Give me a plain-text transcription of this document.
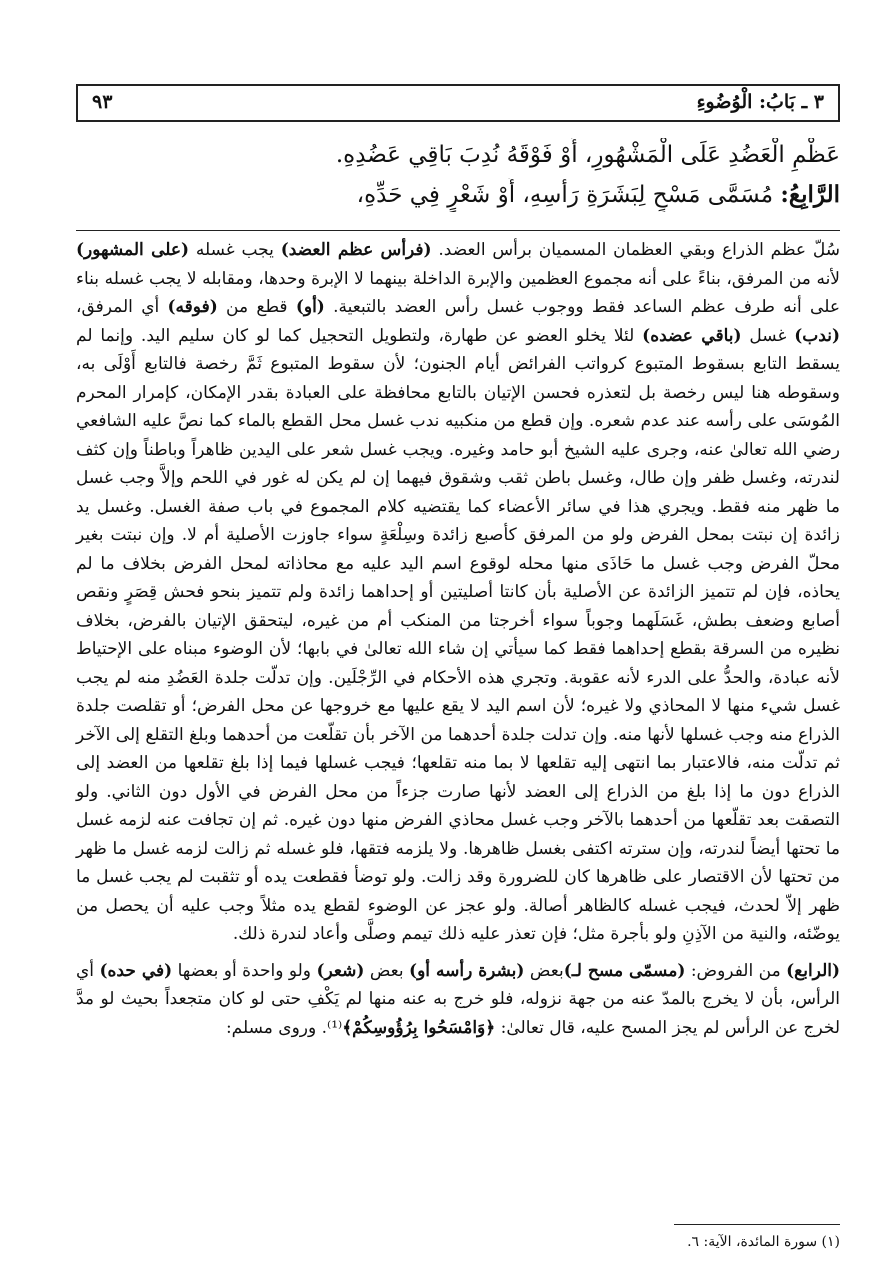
٣ ـ بَابُ: الْوُضُوءِ
٩٣
عَظْمِ الْعَضُدِ عَلَى الْمَشْهُورِ، أَوْ فَوْقَهُ نُدِبَ بَاقِي عَضُدِهِ.
الرَّابِعُ: مُسَمَّى مَسْحٍ لِبَشَرَةِ رَأْسِهِ، أَوْ شَعْرٍ فِي حَدِّهِ،

سُلّ عظم الذراع وبقي العظمان المسميان برأس العضد. (فرأس عظم العضد) يجب غسله (على المشهور) لأنه من المرفق، بناءً على أنه مجموع العظمين والإبرة الداخلة بينهما لا الإبرة وحدها، ومقابله لا يجب غسله بناء على أنه طرف عظم الساعد فقط ووجوب غسل رأس العضد بالتبعية. (أو) قطع من (فوقه) أي المرفق، (ندب) غسل (باقي عضده) لئلا يخلو العضو عن طهارة، ولتطويل التحجيل كما لو كان سليم اليد. وإنما لم يسقط التابع بسقوط المتبوع كرواتب الفرائض أيام الجنون؛ لأن سقوط المتبوع ثَمَّ رخصة فالتابع أَوْلَى به، وسقوطه هنا ليس رخصة بل لتعذره فحسن الإتيان بالتابع محافظة على العبادة بقدر الإمكان، كإمرار المحرم المُوسَى على رأسه عند عدم شعره. وإن قطع من منكبيه ندب غسل محل القطع بالماء كما نصَّ عليه الشافعي رضي الله تعالىٰ عنه، وجرى عليه الشيخ أبو حامد وغيره. ويجب غسل شعر على اليدين ظاهراً وباطناً وإن كثف لندرته، وغسل ظفر وإن طال، وغسل باطن ثقب وشقوق فيهما إن لم يكن له غور في اللحم وإلاَّ وجب غسل ما ظهر منه فقط. ويجري هذا في سائر الأعضاء كما يقتضيه كلام المجموع في باب صفة الغسل. وغسل يد زائدة إن نبتت بمحل الفرض ولو من المرفق كأصبع زائدة وسِلْعَةٍ سواء جاوزت الأصلية أم لا. وإن نبتت بغير محلّ الفرض وجب غسل ما حَاذَى منها محله لوقوع اسم اليد عليه مع محاذاته لمحل الفرض بخلاف ما لم يحاذه، فإن لم تتميز الزائدة عن الأصلية بأن كانتا أصليتين أو إحداهما زائدة ولم تتميز بنحو فحش قِصَرٍ ونقص أصابع وضعف بطش، غَسَلَهما وجوباً سواء أخرجتا من المنكب أم من غيره، ليتحقق الإتيان بالفرض، بخلاف نظيره من السرقة بقطع إحداهما فقط كما سيأتي إن شاء الله تعالىٰ في بابها؛ لأن الوضوء مبناه على الإحتياط لأنه عبادة، والحدُّ على الدرء لأنه عقوبة. وتجري هذه الأحكام في الرِّجْلَين. وإن تدلّت جلدة العَضُدِ منه لم يجب غسل شيء منها لا المحاذي ولا غيره؛ لأن اسم اليد لا يقع عليها مع خروجها عن محل الفرض؛ أو تقلصت جلدة الذراع منه وجب غسلها لأنها منه. وإن تدلت جلدة أحدهما من الآخر بأن تقلّعت من أحدهما وبلغ التقلع إلى الآخر ثم تدلّت منه، فالاعتبار بما انتهى إليه تقلعها لا بما منه تقلعها؛ فيجب غسلها فيما إذا بلغ تقلعها من العضد إلى الذراع دون ما إذا بلغ من الذراع إلى العضد لأنها صارت جزءاً من محل الفرض في الأول دون الثاني. ولو التصقت بعد تقلّعها من أحدهما بالآخر وجب غسل محاذي الفرض منها دون غيره. ثم إن تجافت عنه لزمه غسل ما تحتها أيضاً لندرته، وإن سترته اكتفى بغسل ظاهرها. ولا يلزمه فتقها، فلو غسله ثم زالت لزمه غسل ما ظهر من تحتها لأن الاقتصار على ظاهرها كان للضرورة وقد زالت. ولو توضأ فقطعت يده أو تثقبت لم يجب غسل ما ظهر إلاّ لحدث، فيجب غسله كالظاهر أصالة. ولو عجز عن الوضوء لقطع يده مثلاً وجب عليه أن يحصل من يوضّئه، والنية من الآذِنِ ولو بأجرة مثل؛ فإن تعذر عليه ذلك تيمم وصلَّى وأعاد لندرة ذلك.

(الرابع) من الفروض: (مسمّى مسح لـ)بعض (بشرة رأسه أو) بعض (شعر) ولو واحدة أو بعضها (في حده) أي الرأس، بأن لا يخرج بالمدّ عنه من جهة نزوله، فلو خرج به عنه منها لم يَكْفِ حتى لو كان متجعداً بحيث لو مدَّ لخرج عن الرأس لم يجز المسح عليه، قال تعالىٰ: ﴿وَامْسَحُوا بِرُؤُوسِكُمْ﴾⁽¹⁾. وروى مسلم:

(١) سورة المائدة، الآية: ٦.
